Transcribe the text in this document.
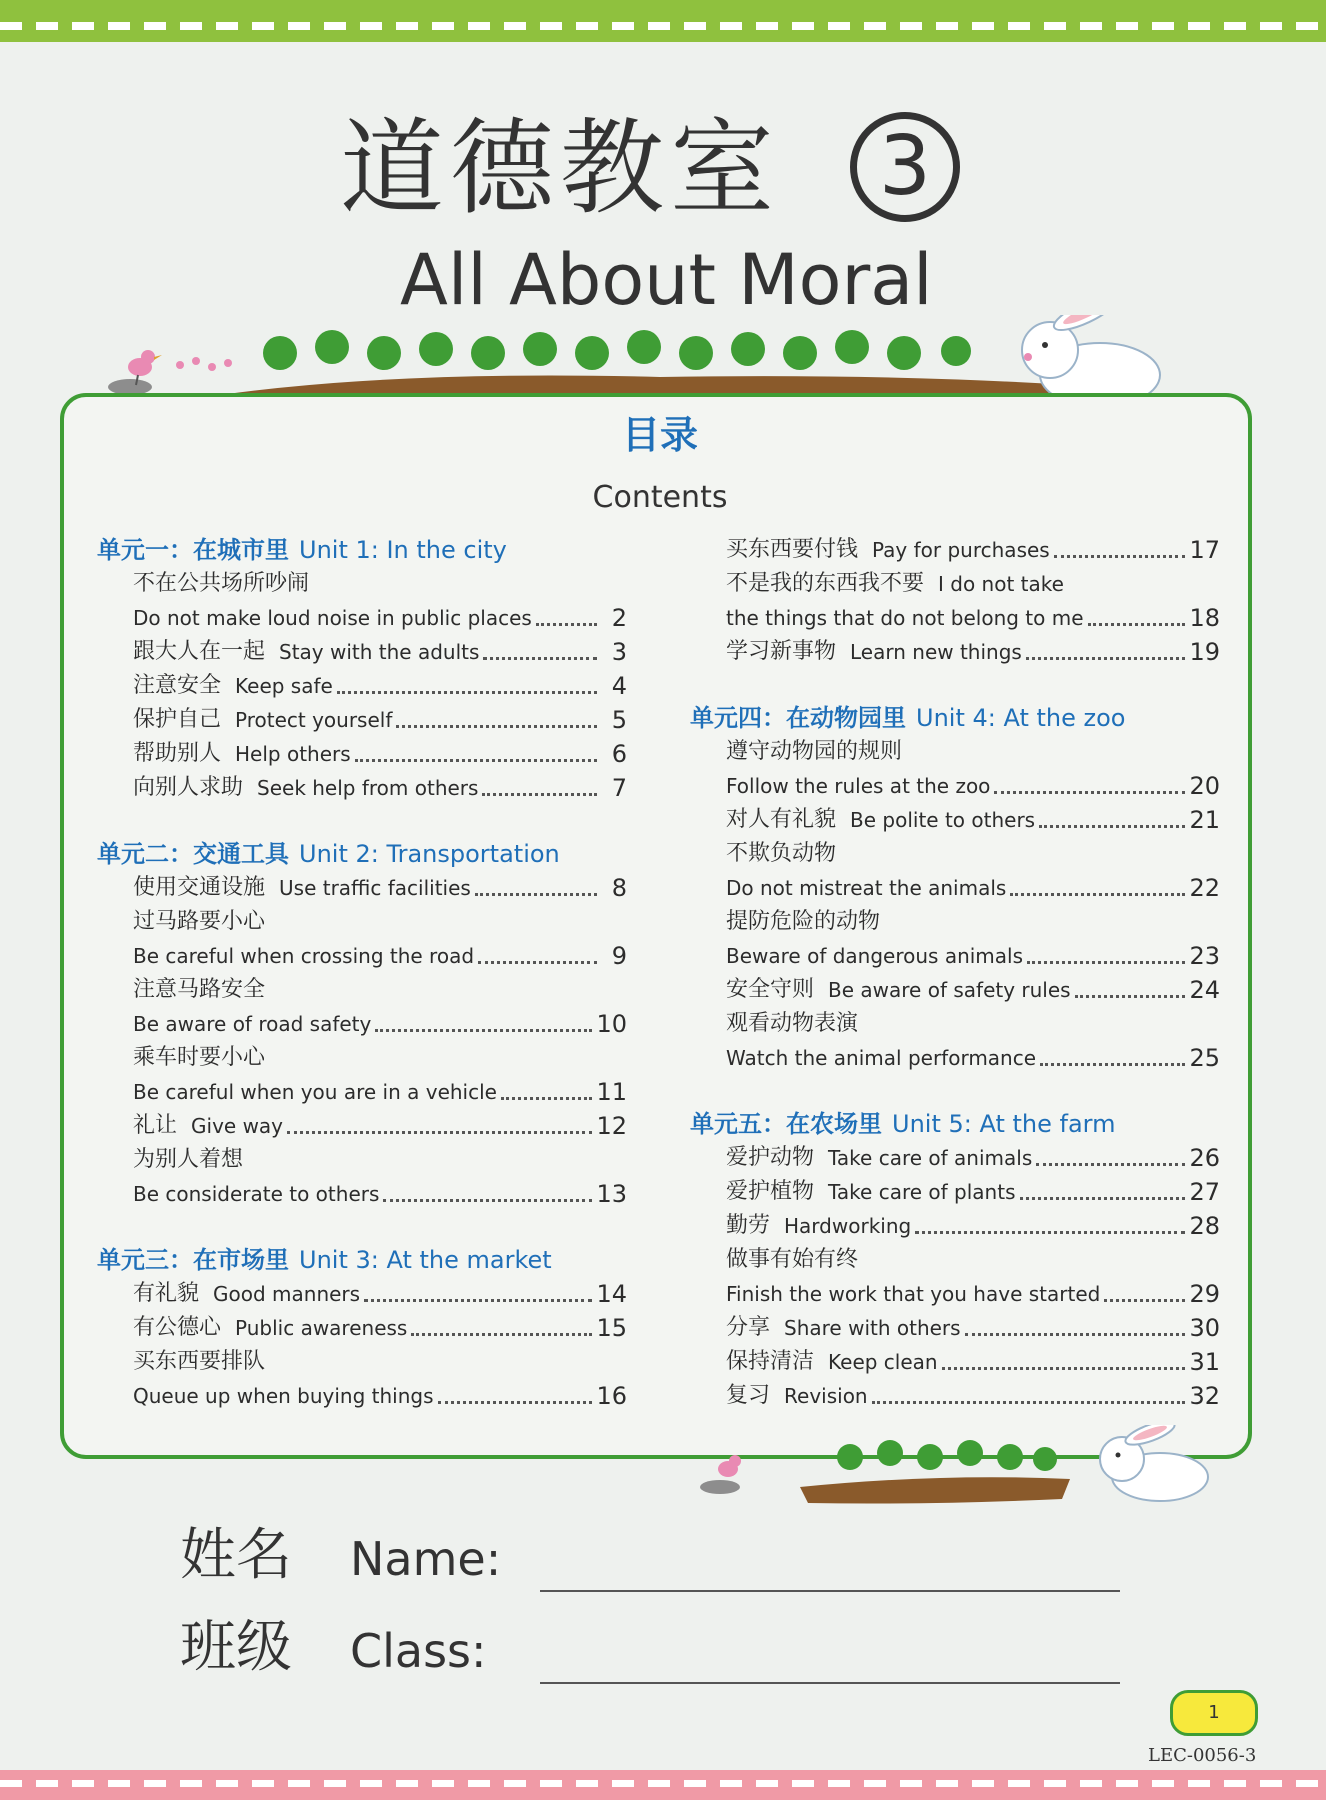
道德教室	3
All About Moral
目录
Contents
单元一：在城市里 Unit 1: In the city
不在公共场所吵闹
Do not make loud noise in public places	2
跟大人在一起 Stay with the adults	3
注意安全 Keep safe	4
保护自己 Protect yourself	5
帮助别人 Help others	6
向别人求助 Seek help from others	7
单元二：交通工具 Unit 2: Transportation
使用交通设施 Use traffic facilities	8
过马路要小心
Be careful when crossing the road	9
注意马路安全
Be aware of road safety	10
乘车时要小心
Be careful when you are in a vehicle	11
礼让 Give way	12
为别人着想
Be considerate to others	13
单元三：在市场里 Unit 3: At the market
有礼貌 Good manners	14
有公德心 Public awareness	15
买东西要排队
Queue up when buying things	16
买东西要付钱 Pay for purchases	17
不是我的东西我不要 I do not take
the things that do not belong to me	18
学习新事物 Learn new things	19
单元四：在动物园里 Unit 4: At the zoo
遵守动物园的规则
Follow the rules at the zoo	20
对人有礼貌 Be polite to others	21
不欺负动物
Do not mistreat the animals	22
提防危险的动物
Beware of dangerous animals	23
安全守则 Be aware of safety rules	24
观看动物表演
Watch the animal performance	25
单元五：在农场里 Unit 5: At the farm
爱护动物 Take care of animals	26
爱护植物 Take care of plants	27
勤劳 Hardworking	28
做事有始有终
Finish the work that you have started	29
分享 Share with others	30
保持清洁 Keep clean	31
复习 Revision	32
姓名 Name:
班级 Class:
1
LEC-0056-3
